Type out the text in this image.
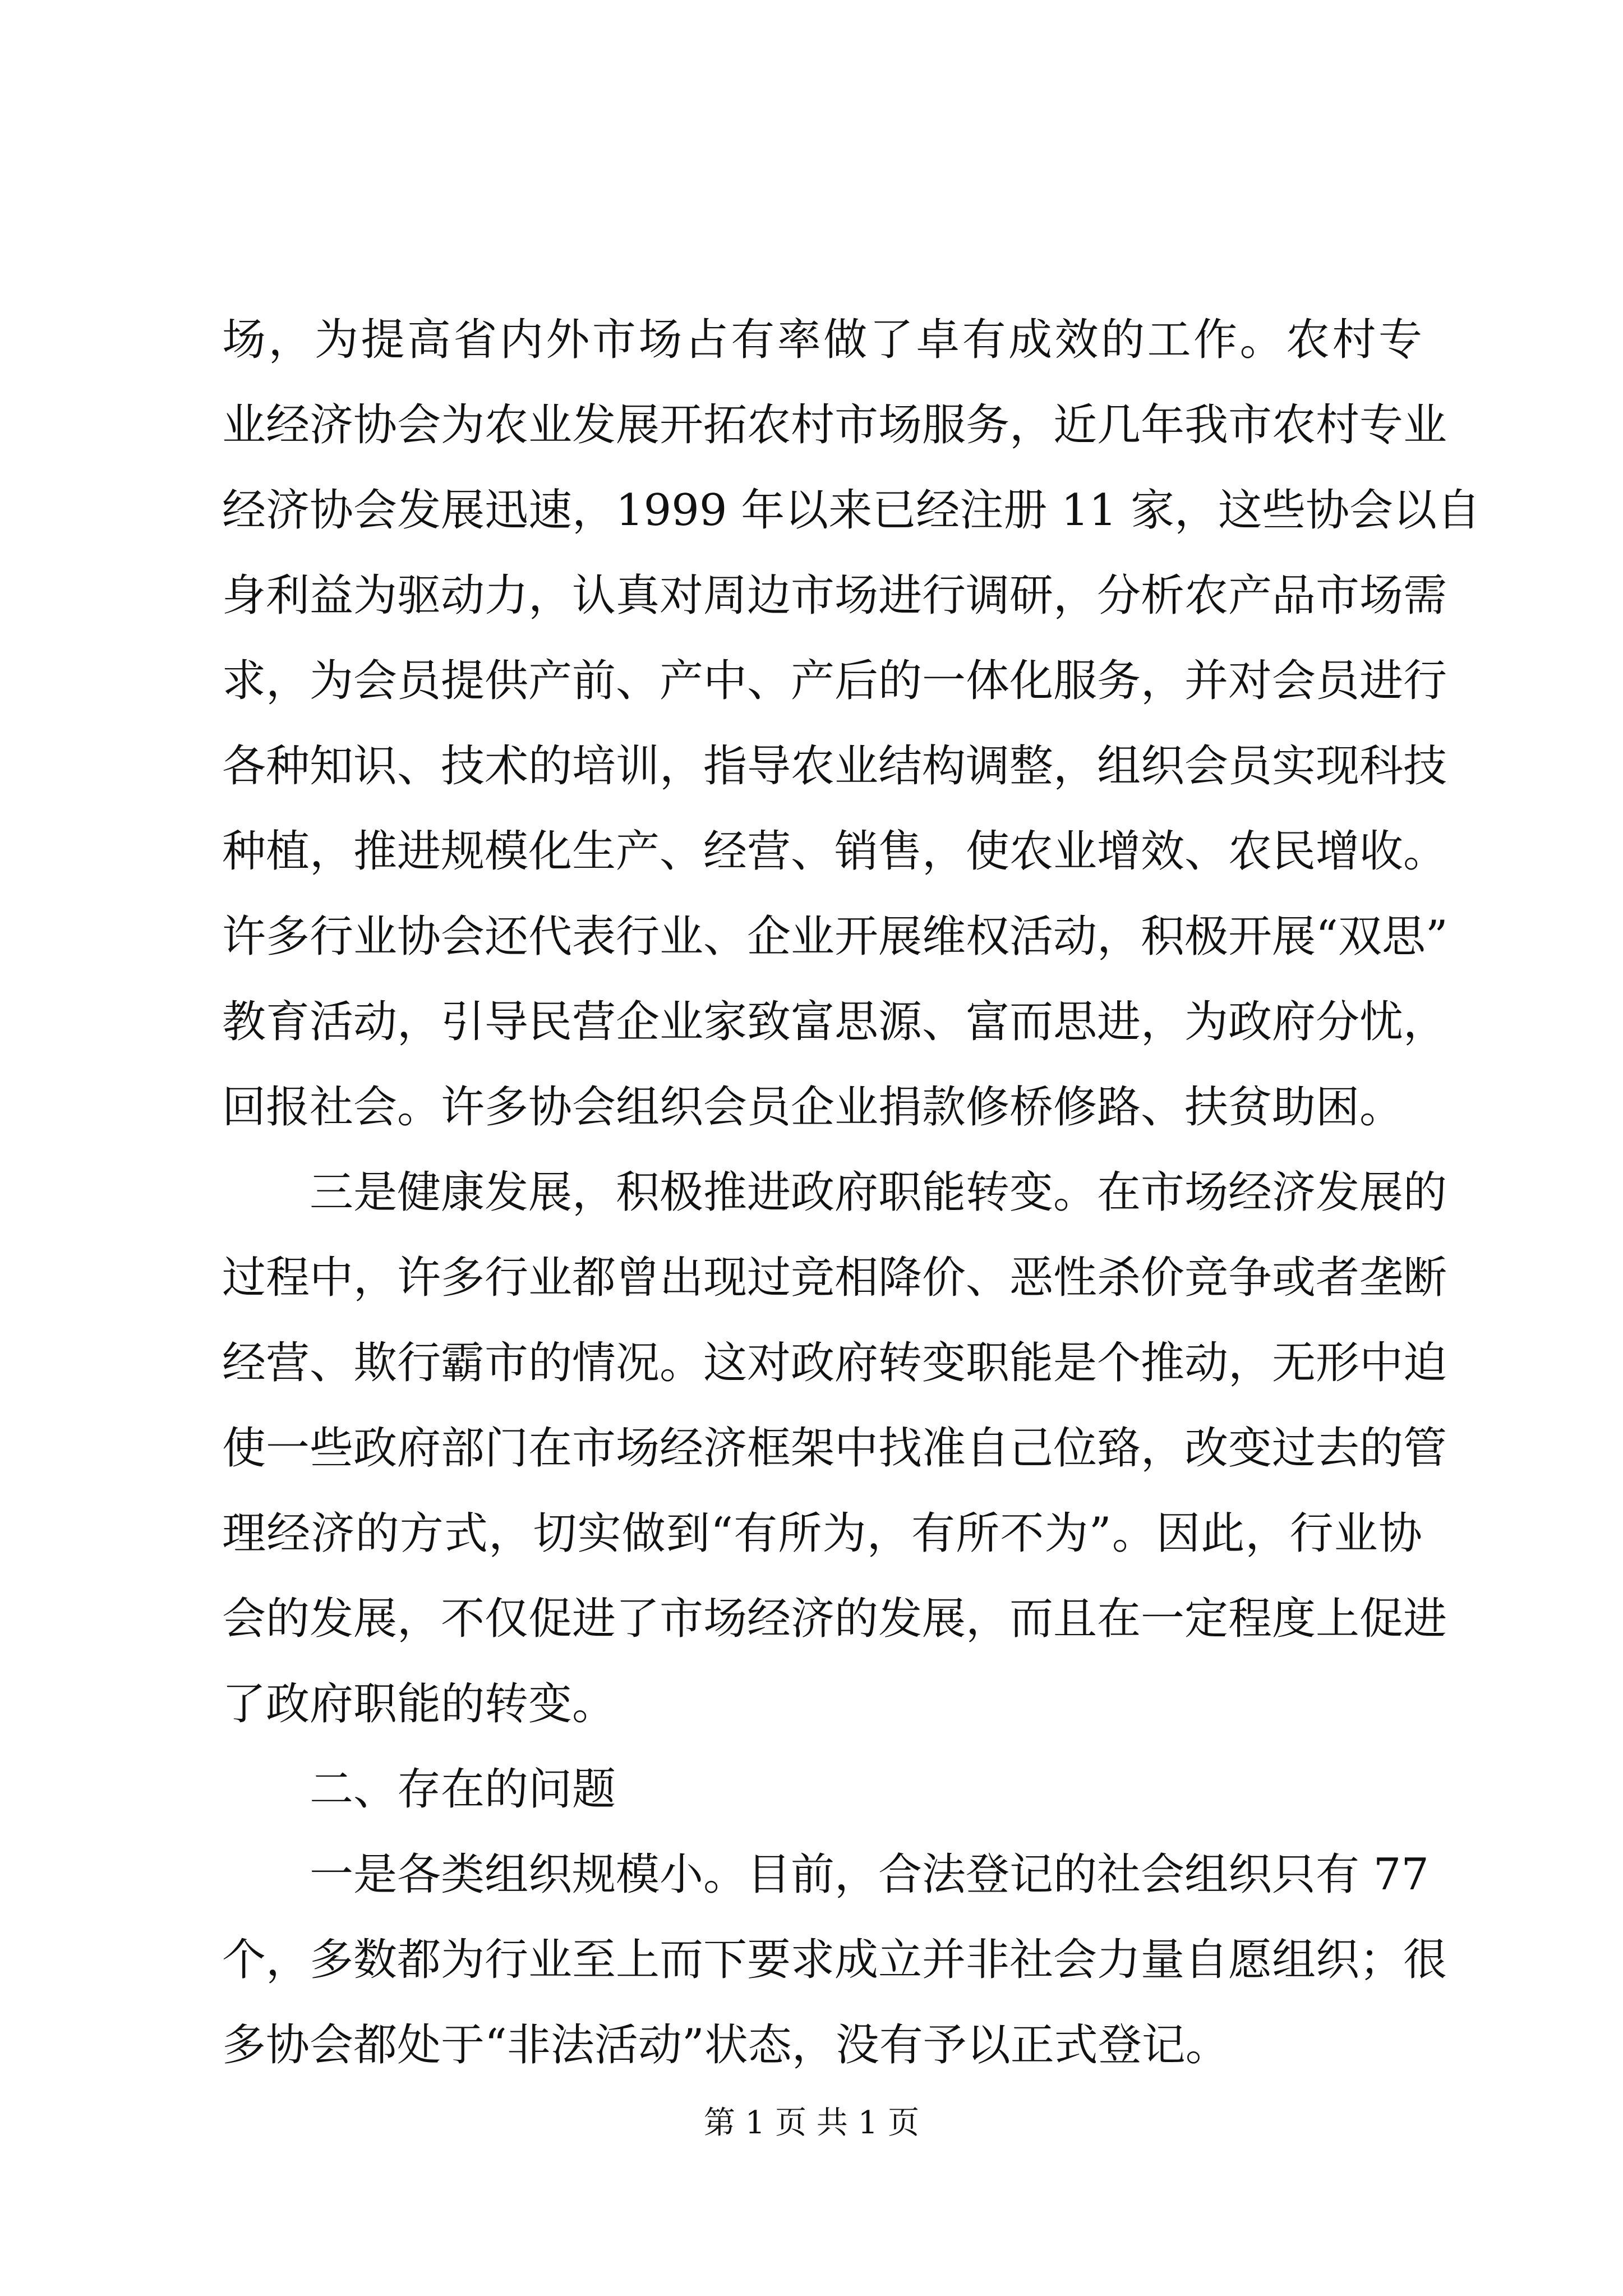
场，为提高省内外市场占有率做了卓有成效的工作。农村专
业经济协会为农业发展开拓农村市场服务，近几年我市农村专业
经济协会发展迅速，1999 年以来已经注册 11 家，这些协会以自
身利益为驱动力，认真对周边市场进行调研，分析农产品市场需
求，为会员提供产前、产中、产后的一体化服务，并对会员进行
各种知识、技术的培训，指导农业结构调整，组织会员实现科技
种植，推进规模化生产、经营、销售，使农业增效、农民增收。
许多行业协会还代表行业、企业开展维权活动，积极开展“双思”
教育活动，引导民营企业家致富思源、富而思进，为政府分忧，
回报社会。许多协会组织会员企业捐款修桥修路、扶贫助困。
三是健康发展，积极推进政府职能转变。在市场经济发展的
过程中，许多行业都曾出现过竞相降价、恶性杀价竞争或者垄断
经营、欺行霸市的情况。这对政府转变职能是个推动，无形中迫
使一些政府部门在市场经济框架中找准自己位臵，改变过去的管
理经济的方式，切实做到“有所为，有所不为”。因此，行业协
会的发展，不仅促进了市场经济的发展，而且在一定程度上促进
了政府职能的转变。
二、存在的问题
一是各类组织规模小。目前，合法登记的社会组织只有 77
个，多数都为行业至上而下要求成立并非社会力量自愿组织；很
多协会都处于“非法活动”状态，没有予以正式登记。
第 1 页 共 1 页
